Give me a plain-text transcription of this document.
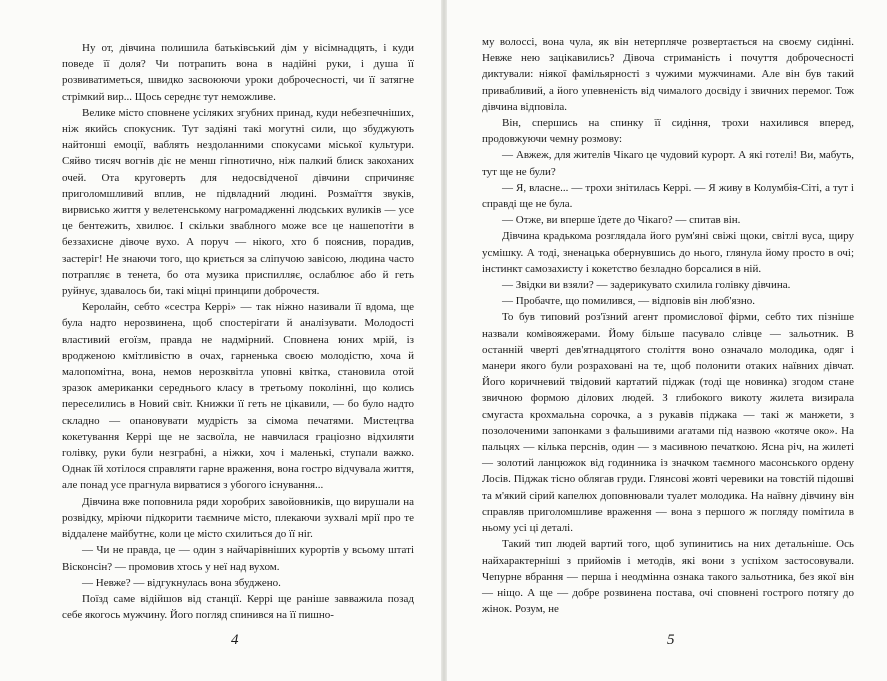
Ну от, дівчина полишила батьківський дім у вісімнадцять, і куди поведе її доля? Чи потрапить вона в надійні руки, і душа її розвиватиметься, швидко засвоюючи уроки доброчесності, чи її затягне стрімкий вир... Щось середнє тут неможливе.

Велике місто сповнене усіляких згубних принад, куди небезпечніших, ніж якийсь спокусник. Тут задіяні такі могутні сили, що збуджують найтонші емоції, ваблять нездоланними спокусами міської культури. Сяйво тисяч вогнів діє не менш гіпнотично, ніж палкий блиск закоханих очей. Ота круговерть для недосвідченої дівчини спричиняє приголомшливий вплив, не підвладний людині. Розмаїття звуків, вирвисько життя у велетенському нагромадженні людських вуликів — усе це бентежить, хвилює. І скільки зваблного може все це нашепотіти в беззахисне дівоче вухо. А поруч — нікого, хто б пояснив, порадив, застеріг! Не знаючи того, що криється за сліпучою завісою, людина часто потрапляє в тенета, бо ота музика приспилляє, ослаблює або й геть руйнує, здавалось би, такі міцні принципи доброчестя.

Керолайн, себто «сестра Керрі» — так ніжно називали її вдома, ще була надто нерозвинена, щоб спостерігати й аналізувати. Молодості властивий егоїзм, правда не надмірний. Сповнена юних мрій, із вродженою кмітливістю в очах, гарненька своєю молодістю, хоча й малопомітна, вона, немов нерозквітла уповні квітка, становила отой зразок американки середнього класу в третьому поколінні, що колись переселились в Новий світ. Книжки її геть не цікавили, — бо було надто складно — опановувати мудрість за сімома печатями. Мистецтва кокетування Керрі ще не засвоїла, не навчилася грацiозно відхиляти голівку, руки були незграбні, а ніжки, хоч і маленькі, ступали важко. Однак їй хотілося справляти гарне враження, вона гостро відчувала життя, але понад усе прагнула вирватися з убогого існування...

Дівчина вже поповнила ряди хоробрих завойовників, що вирушали на розвідку, мріючи підкорити таємниче місто, плекаючи зухвалі мрії про те віддалене майбутнє, коли це місто схилиться до її ніг.

— Чи не правда, це — один з найчарівніших курортів у всьому штаті Вісконсін? — промовив хтось у неї над вухом.

— Невже? — відгукнулась вона збуджено.

Поїзд саме відійшов від станції. Керрі ще раніше завважила позад себе якогось мужчину. Його погляд спинився на її пишно-

му волоссі, вона чула, як він нетерпляче розвертається на своєму сидінні. Невже нею зацікавились? Дівоча стриманість і почуття доброчесності диктували: ніякої фамільярності з чужими мужчинами. Але він був такий привабливий, а його упевненість від чималого досвіду і звичних перемог. Тож дівчина відповіла.

Він, спершись на спинку її сидіння, трохи нахилився вперед, продовжуючи чемну розмову:

— Авжеж, для жителів Чікаго це чудовий курорт. А які готелі! Ви, мабуть, тут ще не були?

— Я, власне... — трохи знітилась Керрі. — Я живу в Колумбія-Сіті, а тут і справді ще не була.

— Отже, ви вперше їдете до Чікаго? — спитав він.

Дівчина крадькома розглядала його рум'яні свіжі щоки, світлі вуса, щиру усмішку. А тоді, зненацька обернувшись до нього, глянула йому просто в очі; інстинкт самозахисту і кокетство безладно борсалися в ній.

— Звідки ви взяли? — задерикувато схилила голівку дівчина.

— Пробачте, що помилився, — відповів він люб'язно.

То був типовий роз'їзний агент промислової фірми, себто тих пізніше назвали комівояжерами. Йому більше пасувало слівце — зальотник. В останній чверті дев'ятнадцятого століття воно означало молодика, одяг і манери якого були розраховані на те, щоб полонити отаких наївних дівчат. Його коричневий твідовий картатий піджак (тоді ще новинка) згодом стане звичною формою ділових людей. З глибокого викоту жилета визирала смугаста крохмальна сорочка, а з рукавів піджака — такі ж манжети, з позолоченими запонками з фальшивими агатами під назвою «котяче око». На пальцях — кілька перснів, один — з масивною печаткою. Ясна річ, на жилеті — золотий ланцюжок від годинника із значком таємного масонського ордену Лосів. Піджак тісно облягав груди. Глянсові жовті черевики на товстій підошві та м'який сірий капелюх доповнювали туалет молодика. На наївну дівчину він справляв приголомшливе враження — вона з першого ж погляду помітила в ньому усі ці деталі.

Такий тип людей вартий того, щоб зупинитись на них детальніше. Ось найхарактерніші з прийомів і методів, які вони з успіхом застосовували. Чепурне вбрання — перша і неодмінна ознака такого зальотника, без якої він — ніщо. А ще — добре розвинена постава, очі сповнені гострого потягу до жінок. Розум, не

4	5
